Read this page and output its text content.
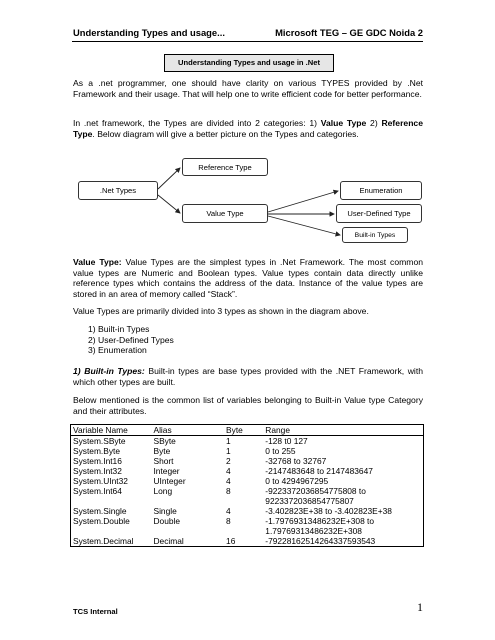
Understanding Types and usage...	Microsoft TEG – GE GDC Noida 2
Understanding Types and usage in .Net
As a .net programmer, one should have clarity on various TYPES provided by .Net Framework and their usage. That will help one to write efficient code for better performance.
In .net framework, the Types are divided into 2 categories: 1) Value Type 2) Reference Type. Below diagram will give a better picture on the Types and categories.
.Net Types
Reference Type
Value Type
Enumeration
User-Defined Type
Built-in Types
Value Type: Value Types are the simplest types in .Net Framework. The most common value types are Numeric and Boolean types. Value types contain data directly unlike reference types which contains the address of the data. Instance of the value types are stored in an area of memory called “Stack”.
Value Types are primarily divided into 3 types as shown in the diagram above.
1) Built-in Types
2) User-Defined Types
3) Enumeration
1) Built-in Types: Built-in types are base types provided with the .NET Framework, with which other types are built.
Below mentioned is the common list of variables belonging to Built-in Value type Category and their attributes.
Variable Name	Alias	Byte	Range
System.SByte	SByte	1	-128 t0 127
System.Byte	Byte	1	0 to 255
System.Int16	Short	2	-32768 to 32767
System.Int32	Integer	4	-2147483648 to 2147483647
System.UInt32	UInteger	4	0 to 4294967295
System.Int64	Long	8	-9223372036854775808 to 9223372036854775807
System.Single	Single	4	-3.402823E+38 to -3.402823E+38
System.Double	Double	8	-1.79769313486232E+308 to 1.79769313486232E+308
System.Decimal	Decimal	16	-79228162514264337593543
TCS Internal	1
